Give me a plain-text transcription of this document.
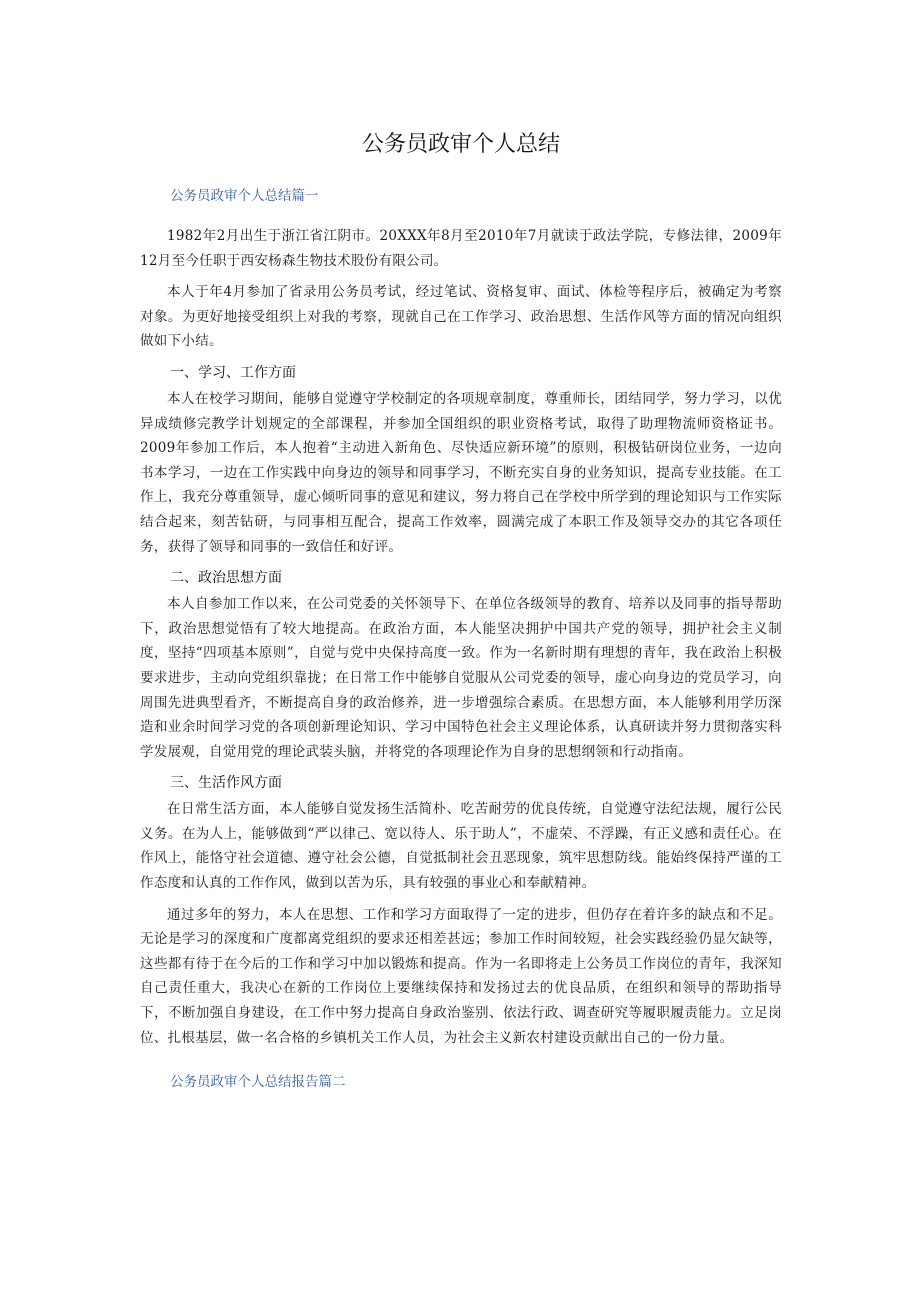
公务员政审个人总结
公务员政审个人总结篇一

1982年2月出生于浙江省江阴市。20XXX年8月至2010年7月就读于政法学院，专修法律，2009年12月至今任职于西安杨森生物技术股份有限公司。

本人于年4月参加了省录用公务员考试，经过笔试、资格复审、面试、体检等程序后，被确定为考察对象。为更好地接受组织上对我的考察，现就自己在工作学习、政治思想、生活作风等方面的情况向组织做如下小结。

一、学习、工作方面

本人在校学习期间，能够自觉遵守学校制定的各项规章制度，尊重师长，团结同学，努力学习，以优异成绩修完教学计划规定的全部课程，并参加全国组织的职业资格考试，取得了助理物流师资格证书。2009年参加工作后，本人抱着“主动进入新角色、尽快适应新环境”的原则，积极钻研岗位业务，一边向书本学习，一边在工作实践中向身边的领导和同事学习，不断充实自身的业务知识，提高专业技能。在工作上，我充分尊重领导，虚心倾听同事的意见和建议，努力将自己在学校中所学到的理论知识与工作实际结合起来，刻苦钻研，与同事相互配合，提高工作效率，圆满完成了本职工作及领导交办的其它各项任务，获得了领导和同事的一致信任和好评。

二、政治思想方面

本人自参加工作以来，在公司党委的关怀领导下、在单位各级领导的教育、培养以及同事的指导帮助下，政治思想觉悟有了较大地提高。在政治方面，本人能坚决拥护中国共产党的领导，拥护社会主义制度，坚持“四项基本原则”，自觉与党中央保持高度一致。作为一名新时期有理想的青年，我在政治上积极要求进步，主动向党组织靠拢；在日常工作中能够自觉服从公司党委的领导，虚心向身边的党员学习，向周围先进典型看齐，不断提高自身的政治修养，进一步增强综合素质。在思想方面，本人能够利用学历深造和业余时间学习党的各项创新理论知识、学习中国特色社会主义理论体系，认真研读并努力贯彻落实科学发展观，自觉用党的理论武装头脑，并将党的各项理论作为自身的思想纲领和行动指南。

三、生活作风方面

在日常生活方面，本人能够自觉发扬生活简朴、吃苦耐劳的优良传统，自觉遵守法纪法规，履行公民义务。在为人上，能够做到“严以律己、宽以待人、乐于助人”，不虚荣、不浮躁，有正义感和责任心。在作风上，能恪守社会道德、遵守社会公德，自觉抵制社会丑恶现象，筑牢思想防线。能始终保持严谨的工作态度和认真的工作作风，做到以苦为乐，具有较强的事业心和奉献精神。

通过多年的努力，本人在思想、工作和学习方面取得了一定的进步，但仍存在着许多的缺点和不足。无论是学习的深度和广度都离党组织的要求还相差甚远；参加工作时间较短，社会实践经验仍显欠缺等，这些都有待于在今后的工作和学习中加以锻炼和提高。作为一名即将走上公务员工作岗位的青年，我深知自己责任重大，我决心在新的工作岗位上要继续保持和发扬过去的优良品质，在组织和领导的帮助指导下，不断加强自身建设，在工作中努力提高自身政治鉴别、依法行政、调查研究等履职履责能力。立足岗位、扎根基层，做一名合格的乡镇机关工作人员，为社会主义新农村建设贡献出自己的一份力量。

公务员政审个人总结报告篇二
